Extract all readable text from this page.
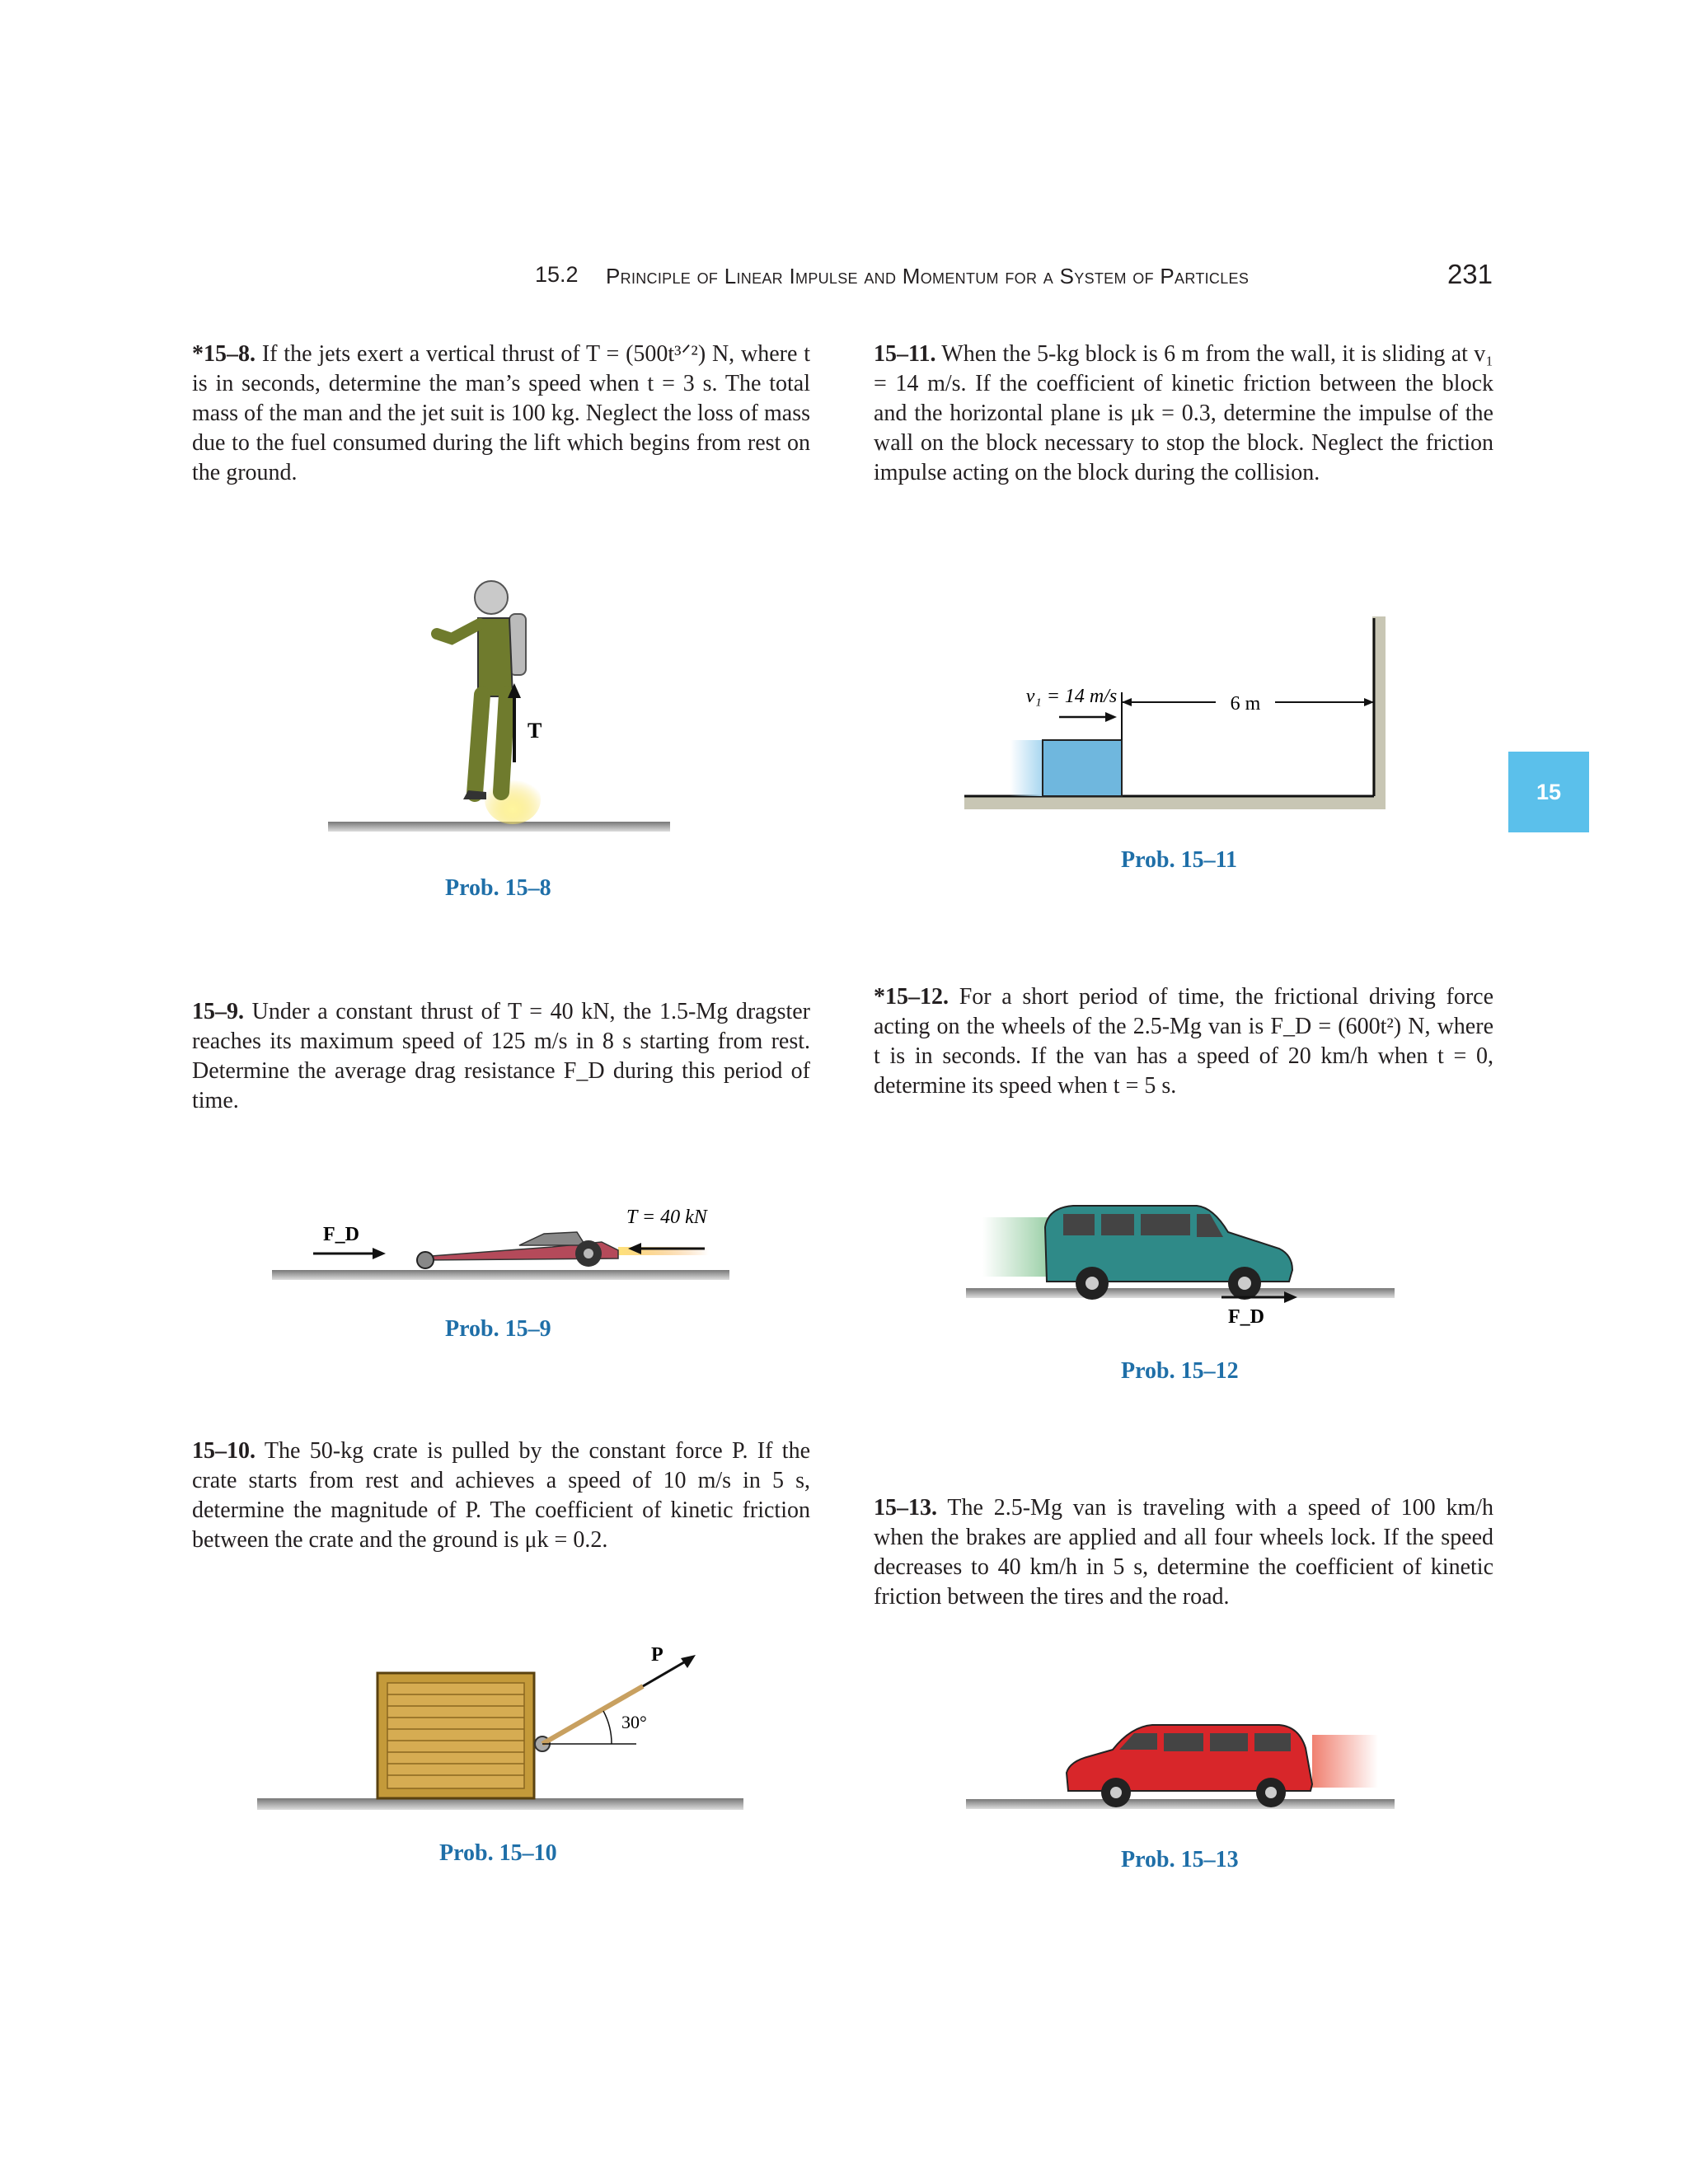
15.2 Principle of Linear Impulse and Momentum for a System of Particles	231
15
*15–8. If the jets exert a vertical thrust of T = (500t³ᐟ²) N, where t is in seconds, determine the man’s speed when t = 3 s. The total mass of the man and the jet suit is 100 kg. Neglect the loss of mass due to the fuel consumed during the lift which begins from rest on the ground.
T
Prob. 15–8
15–11. When the 5-kg block is 6 m from the wall, it is sliding at v₁ = 14 m/s. If the coefficient of kinetic friction between the block and the horizontal plane is μk = 0.3, determine the impulse of the wall on the block necessary to stop the block. Neglect the friction impulse acting on the block during the collision.
6 m
v₁ = 14 m/s
Prob. 15–11
15–9. Under a constant thrust of T = 40 kN, the 1.5-Mg dragster reaches its maximum speed of 125 m/s in 8 s starting from rest. Determine the average drag resistance F_D during this period of time.
F_D
T = 40 kN
Prob. 15–9
*15–12. For a short period of time, the frictional driving force acting on the wheels of the 2.5-Mg van is F_D = (600t²) N, where t is in seconds. If the van has a speed of 20 km/h when t = 0, determine its speed when t = 5 s.
F_D
Prob. 15–12
15–10. The 50-kg crate is pulled by the constant force P. If the crate starts from rest and achieves a speed of 10 m/s in 5 s, determine the magnitude of P. The coefficient of kinetic friction between the crate and the ground is μk = 0.2.
P
30°
Prob. 15–10
15–13. The 2.5-Mg van is traveling with a speed of 100 km/h when the brakes are applied and all four wheels lock. If the speed decreases to 40 km/h in 5 s, determine the coefficient of kinetic friction between the tires and the road.
Prob. 15–13
